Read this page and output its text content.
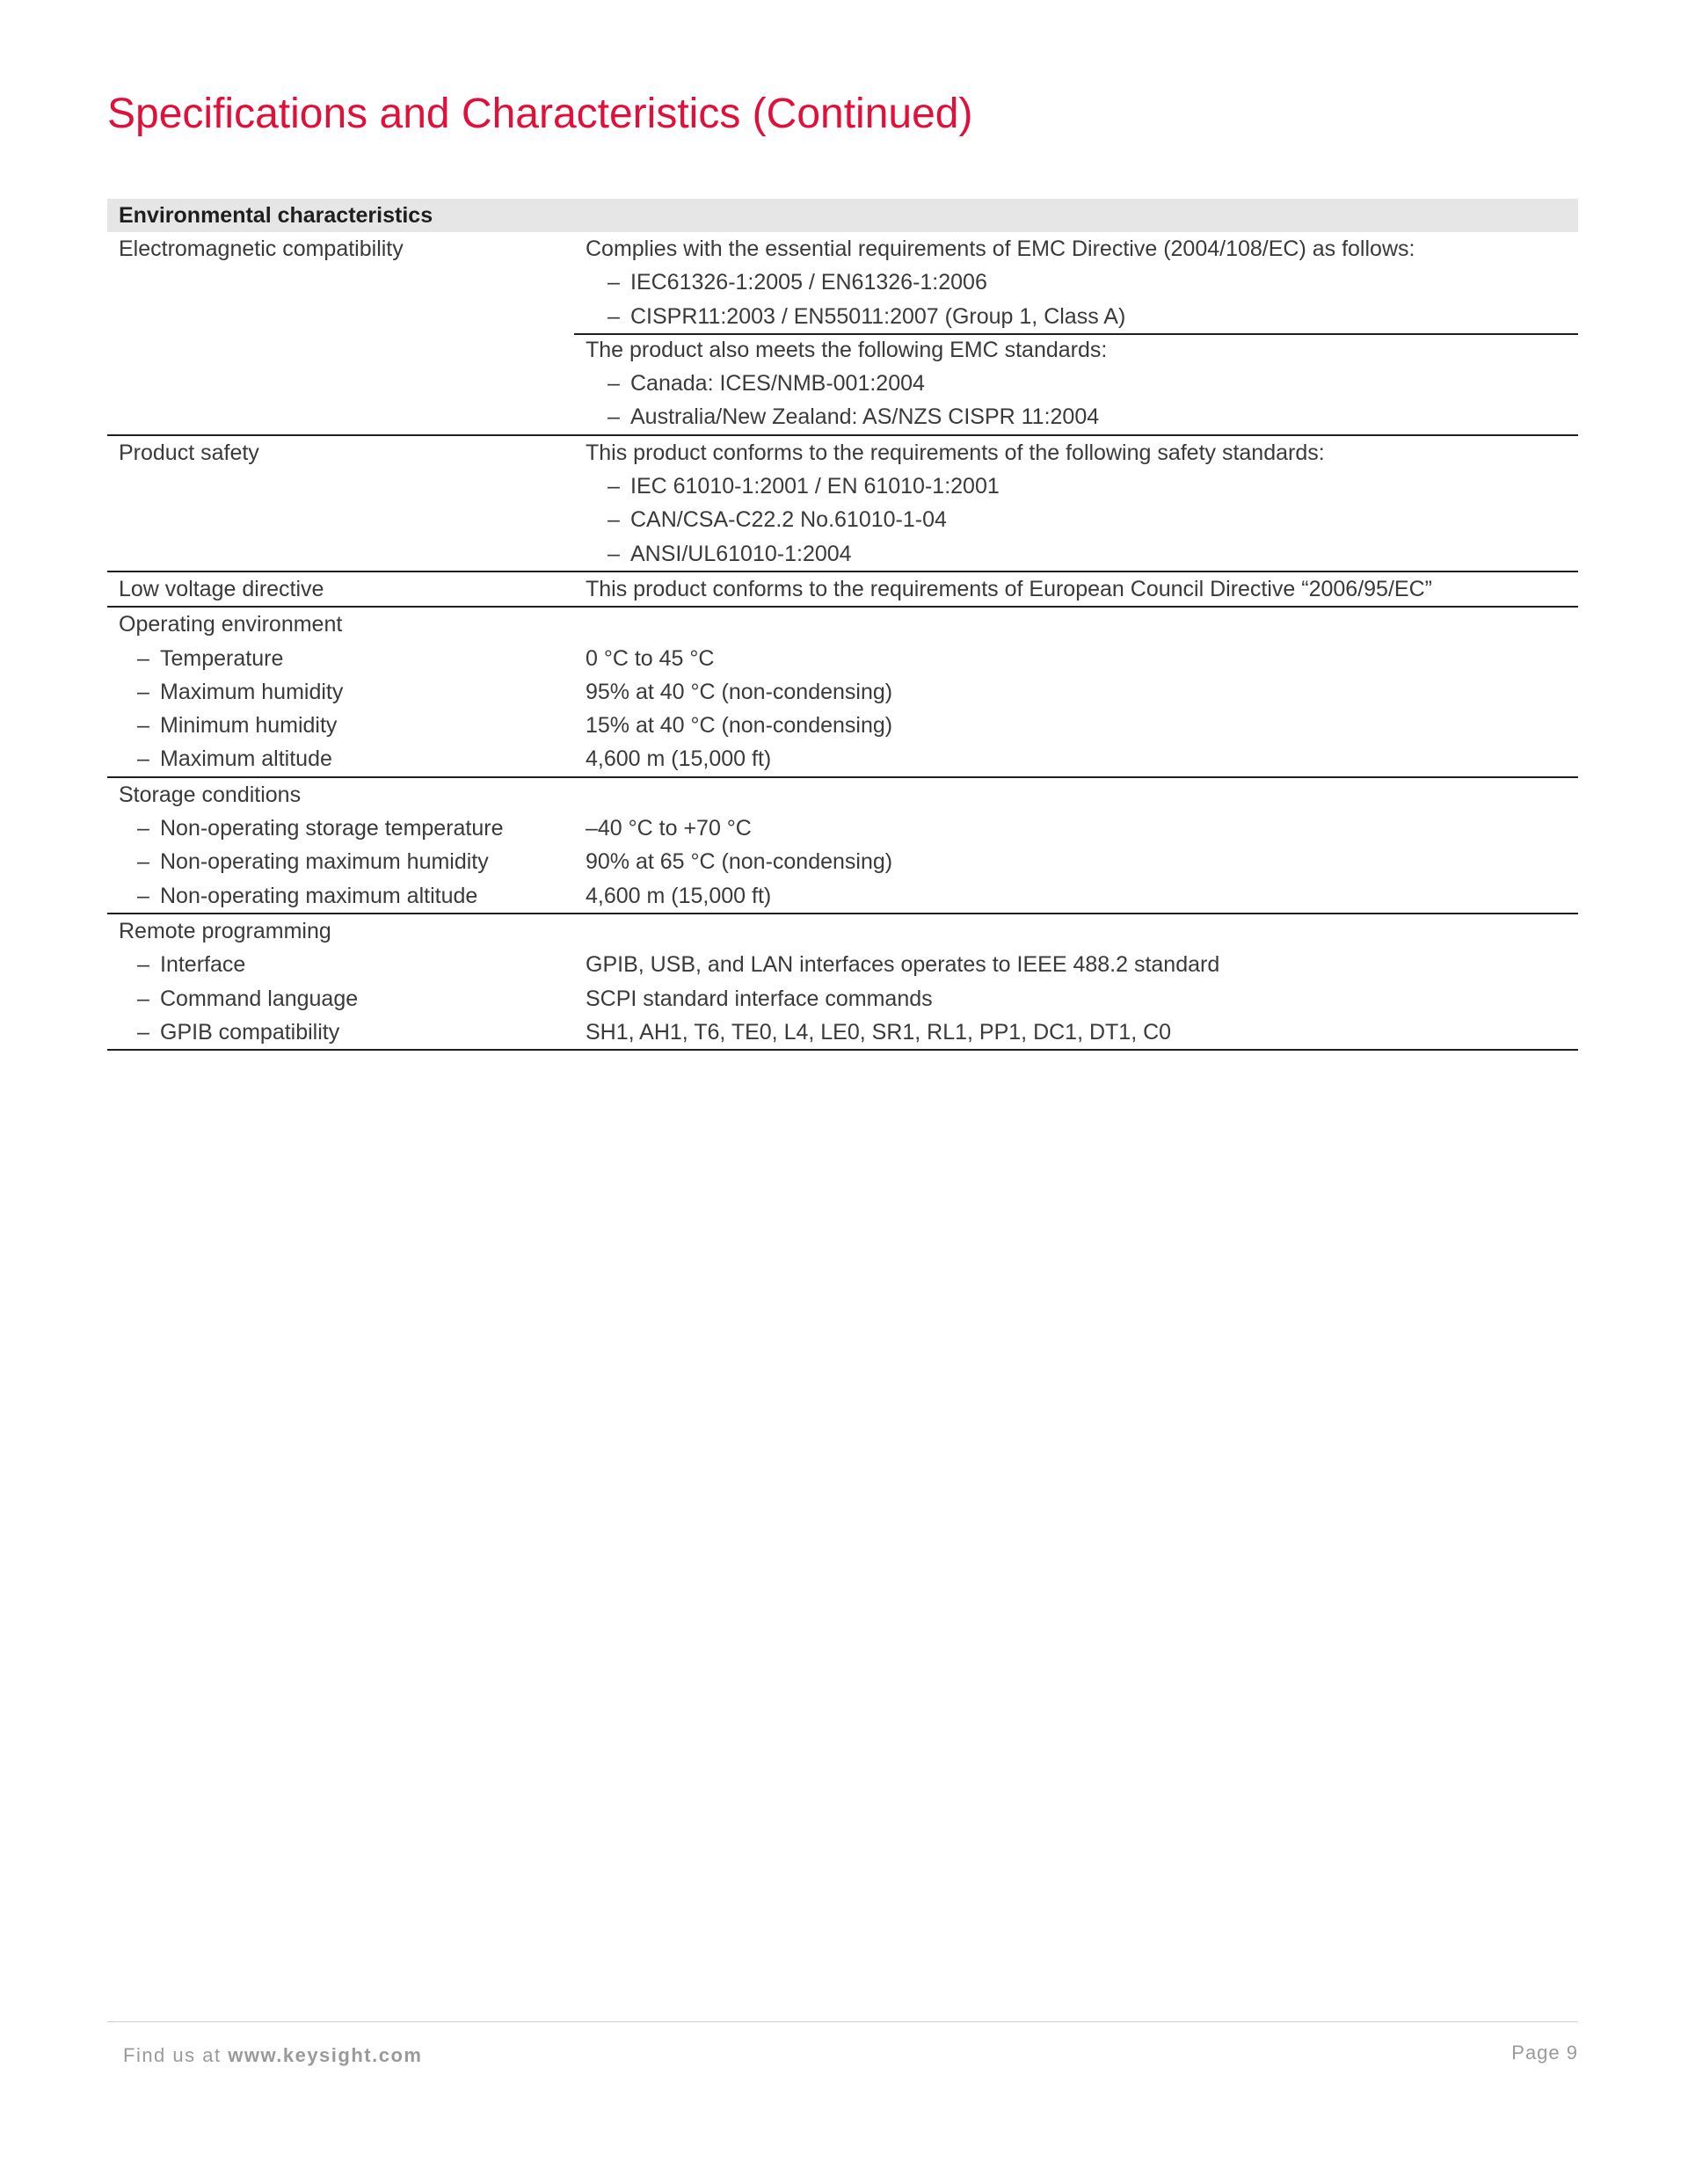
Specifications and Characteristics (Continued)
Environmental characteristics
Electromagnetic compatibility	Complies with the essential requirements of EMC Directive (2004/108/EC) as follows:
– IEC61326-1:2005 / EN61326-1:2006
– CISPR11:2003 / EN55011:2007 (Group 1, Class A)
The product also meets the following EMC standards:
– Canada: ICES/NMB-001:2004
– Australia/New Zealand: AS/NZS CISPR 11:2004
Product safety	This product conforms to the requirements of the following safety standards:
– IEC 61010-1:2001 / EN 61010-1:2001
– CAN/CSA-C22.2 No.61010-1-04
– ANSI/UL61010-1:2004
Low voltage directive	This product conforms to the requirements of European Council Directive “2006/95/EC”
Operating environment
– Temperature	0 °C to 45 °C
– Maximum humidity	95% at 40 °C (non-condensing)
– Minimum humidity	15% at 40 °C (non-condensing)
– Maximum altitude	4,600 m (15,000 ft)
Storage conditions
– Non-operating storage temperature	–40 °C to +70 °C
– Non-operating maximum humidity	90% at 65 °C (non-condensing)
– Non-operating maximum altitude	4,600 m (15,000 ft)
Remote programming
– Interface	GPIB, USB, and LAN interfaces operates to IEEE 488.2 standard
– Command language	SCPI standard interface commands
– GPIB compatibility	SH1, AH1, T6, TE0, L4, LE0, SR1, RL1, PP1, DC1, DT1, C0
Find us at www.keysight.com	Page 9
